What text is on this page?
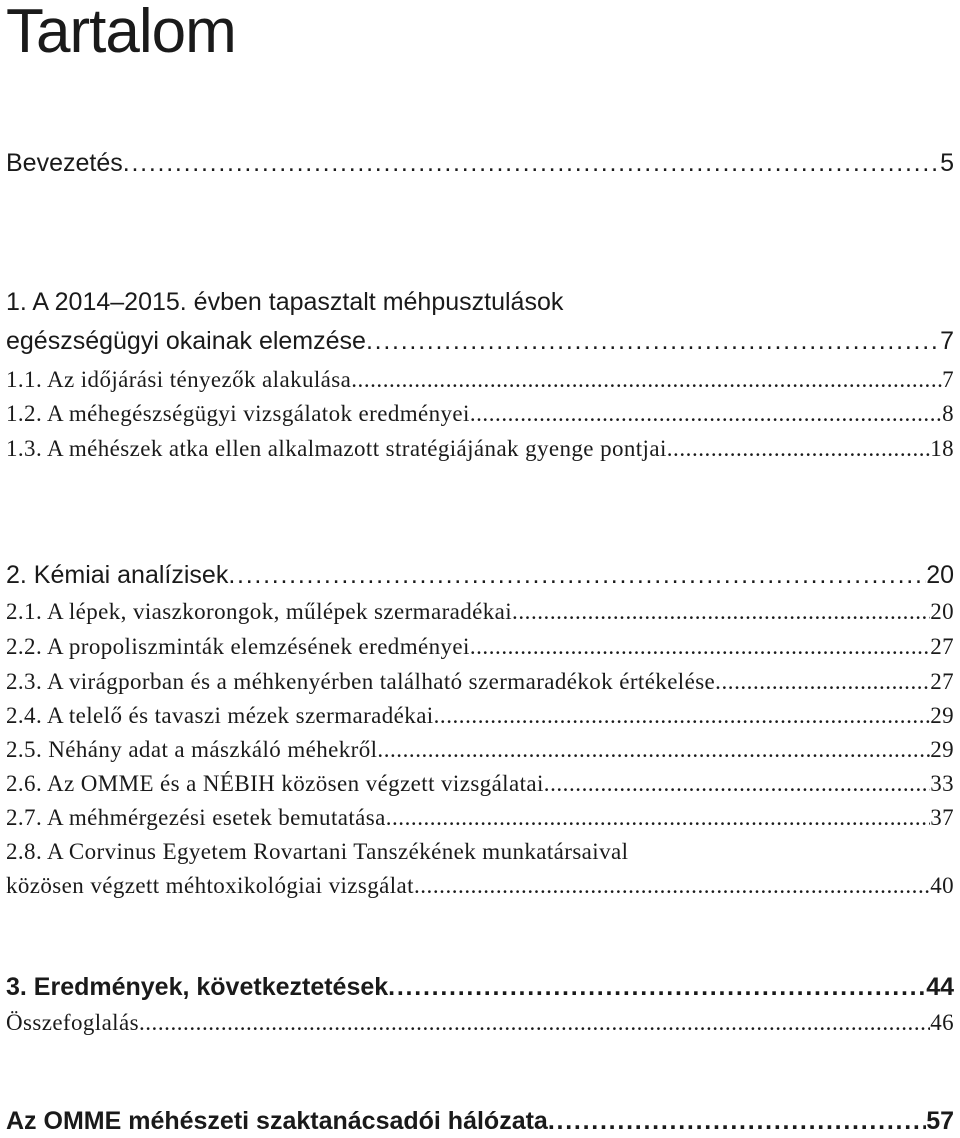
Tartalom
Bevezetés . . .	5
1. A 2014–2015. évben tapasztalt méhpusztulások
egészségügyi okainak elemzése . . .	7
1.1. Az időjárási tényezők alakulása . . .	7
1.2. A méhegészségügyi vizsgálatok eredményei . . .	8
1.3. A méhészek atka ellen alkalmazott stratégiájának gyenge pontjai . . .	18
2. Kémiai analízisek . . .	20
2.1. A lépek, viaszkorongok, műlépek szermaradékai . . .	20
2.2. A propoliszminták elemzésének eredményei . . .	27
2.3. A virágporban és a méhkenyérben található szermaradékok értékelése . . .	27
2.4. A telelő és tavaszi mézek szermaradékai . . .	29
2.5. Néhány adat a mászkáló méhekről . . .	29
2.6. Az OMME és a NÉBIH közösen végzett vizsgálatai . . .	33
2.7. A méhmérgezési esetek bemutatása . . .	37
2.8. A Corvinus Egyetem Rovartani Tanszékének munkatársaival
közösen végzett méhtoxikológiai vizsgálat . . .	40
3. Eredmények, következtetések . . .	44
Összefoglalás . . .	46
Az OMME méhészeti szaktanácsadói hálózata . . .	57
